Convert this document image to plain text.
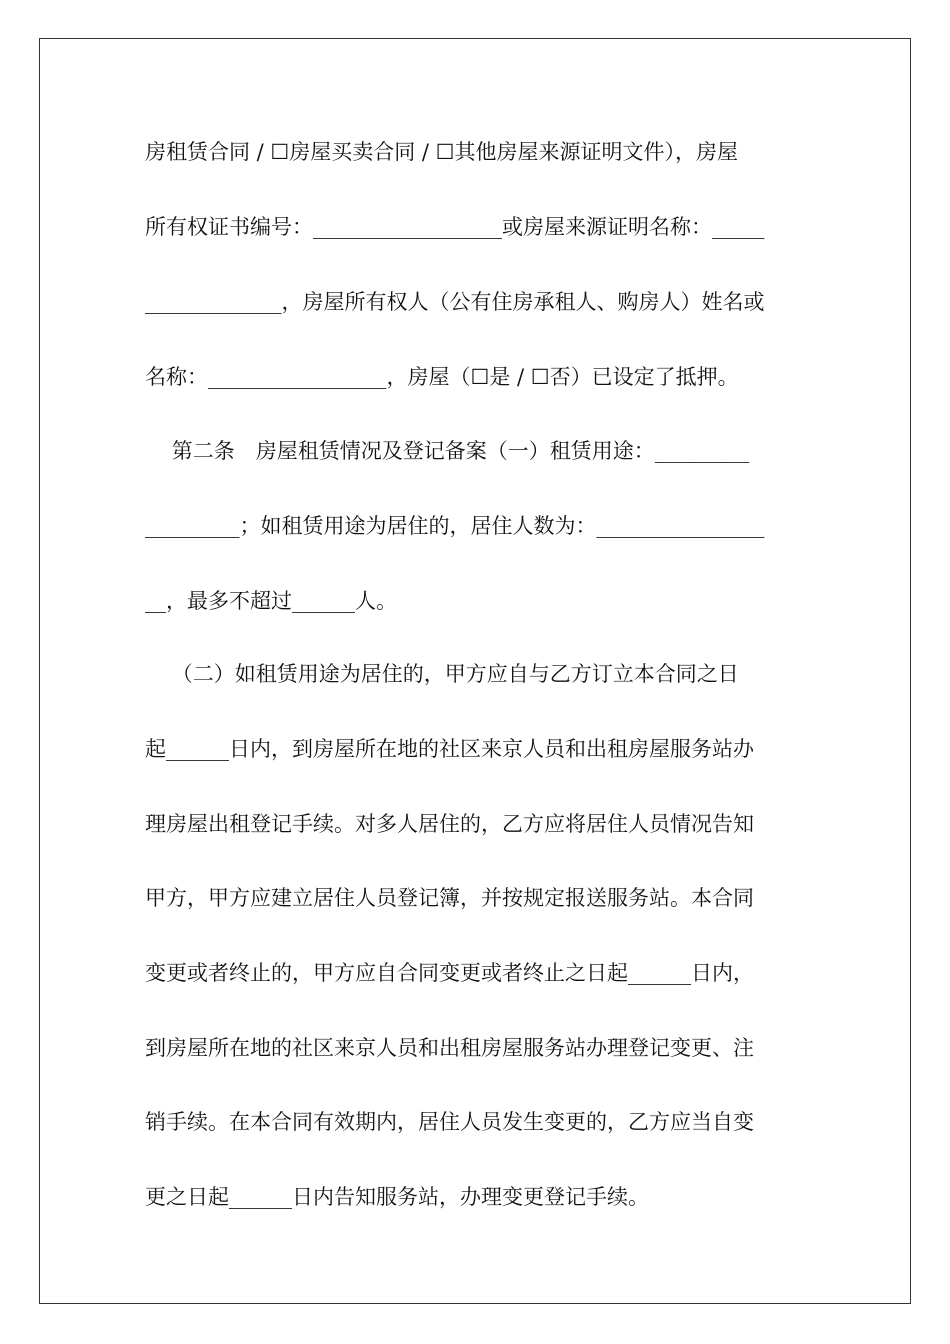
房租赁合同 / ☐房屋买卖合同 / ☐其他房屋来源证明文件），房屋
所有权证书编号：__________________或房屋来源证明名称：_____
_____________，房屋所有权人（公有住房承租人、购房人）姓名或
名称：_________________，房屋（☐是 / ☐否）已设定了抵押。
第二条　房屋租赁情况及登记备案（一）租赁用途：_________
_________；如租赁用途为居住的，居住人数为：________________
__，最多不超过______人。
（二）如租赁用途为居住的，甲方应自与乙方订立本合同之日
起______日内，到房屋所在地的社区来京人员和出租房屋服务站办
理房屋出租登记手续。对多人居住的，乙方应将居住人员情况告知
甲方，甲方应建立居住人员登记簿，并按规定报送服务站。本合同
变更或者终止的，甲方应自合同变更或者终止之日起______日内，
到房屋所在地的社区来京人员和出租房屋服务站办理登记变更、注
销手续。在本合同有效期内，居住人员发生变更的，乙方应当自变
更之日起______日内告知服务站，办理变更登记手续。
